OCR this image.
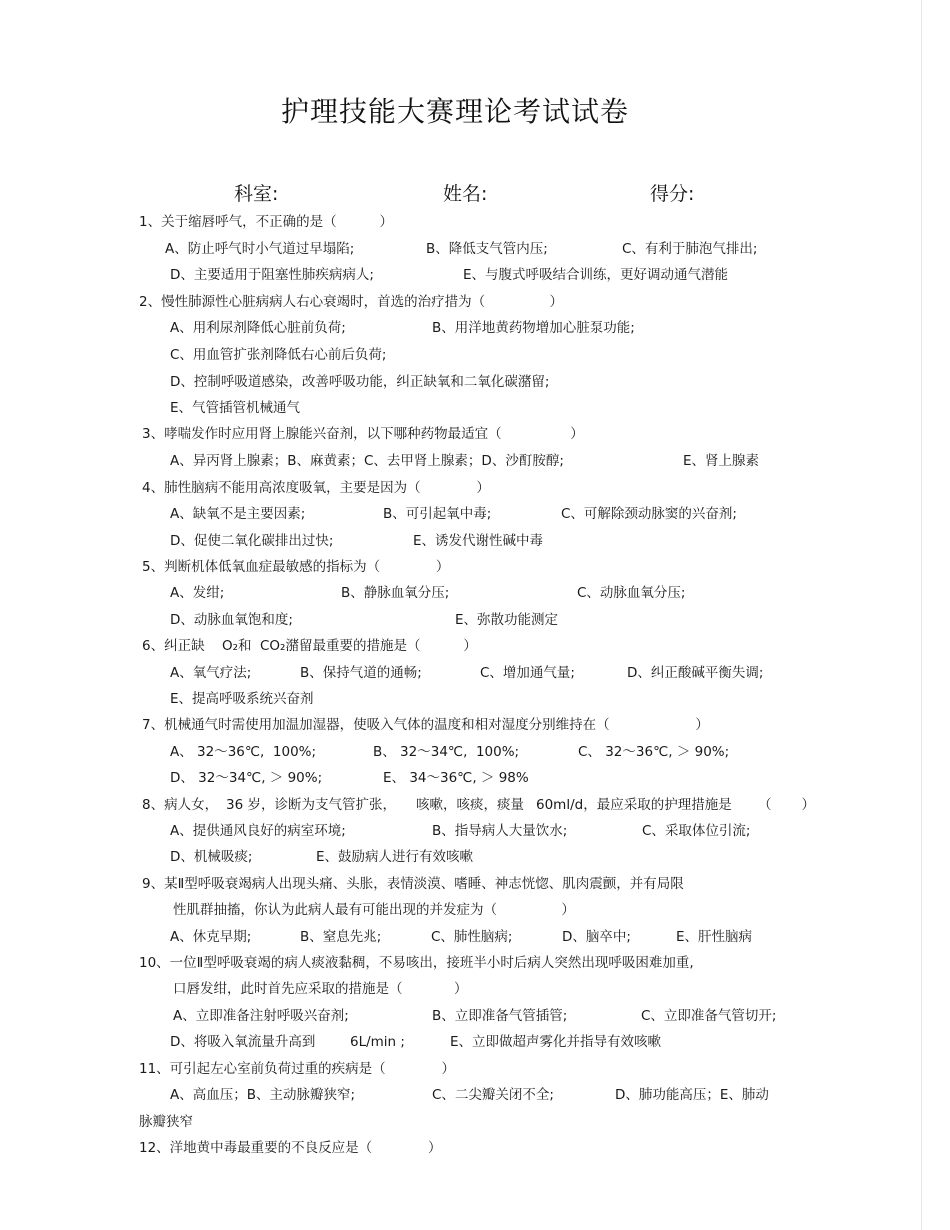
护理技能大赛理论考试试卷
科室:	姓名:	得分:
1、关于缩唇呼气，不正确的是（          ）

A、防止呼气时小气道过早塌陷;

	B、降低支气管内压;

	C、有利于肺泡气排出;

D、主要适用于阻塞性肺疾病病人;

	E、与腹式呼吸结合训练，更好调动通气潜能

2、慢性肺源性心脏病病人右心衰竭时，首选的治疗措为（               ）

A、用利尿剂降低心脏前负荷;

	B、用洋地黄药物增加心脏泵功能;

C、用血管扩张剂降低右心前后负荷;
D、控制呼吸道感染，改善呼吸功能，纠正缺氧和二氧化碳潴留;
E、气管插管机械通气
3、哮喘发作时应用肾上腺能兴奋剂，以下哪种药物最适宜（                ）

A、异丙肾上腺素；B、麻黄素；C、去甲肾上腺素；D、沙酊胺醇;

	E、肾上腺素

4、肺性脑病不能用高浓度吸氧，主要是因为（             ）

A、缺氧不是主要因素;

	B、可引起氧中毒;

	C、可解除颈动脉窦的兴奋剂;

D、促使二氧化碳排出过快;

	E、诱发代谢性碱中毒

5、判断机体低氧血症最敏感的指标为（             ）

A、发绀;

	B、静脉血氧分压;

	C、动脉血氧分压;

D、动脉血氧饱和度;

	E、弥散功能测定

6、纠正缺

O₂和

CO₂潴留最重要的措施是（          ）

A、氧气疗法;

	B、保持气道的通畅;

	C、增加通气量;

	D、纠正酸碱平衡失调;

E、提高呼吸系统兴奋剂
7、机械通气时需使用加温加湿器，使吸入气体的温度和相对湿度分别维持在（                    ）

A、 32～36℃,  100%;

	B、 32～34℃,  100%;

	C、 32～36℃, ＞ 90%;

D、 32～34℃, ＞ 90%;

	E、 34～36℃, ＞ 98%

8、病人女，

36 岁，诊断为支气管扩张，

咳嗽，咳痰，痰量

60ml/d，最应采取的护理措施是

（       ）

A、提供通风良好的病室环境;

	B、指导病人大量饮水;

	C、采取体位引流;

D、机械吸痰;

	E、鼓励病人进行有效咳嗽

9、某Ⅱ型呼吸衰竭病人出现头痛、头胀，表情淡漠、嗜睡、神志恍惚、肌肉震颤，并有局限
性肌群抽搐，你认为此病人最有可能出现的并发症为（               ）

A、休克早期;

	B、窒息先兆;

	C、肺性脑病;

	D、脑卒中;

	E、肝性脑病

10、一位Ⅱ型呼吸衰竭的病人痰液黏稠，不易咳出，接班半小时后病人突然出现呼吸困难加重,
口唇发绀，此时首先应采取的措施是（            ）

A、立即准备注射呼吸兴奋剂;

	B、立即准备气管插管;

	C、立即准备气管切开;

D、将吸入氧流量升高到

	6L/min ;

	E、立即做超声雾化并指导有效咳嗽

11、可引起左心室前负荷过重的疾病是（             ）

A、高血压；B、主动脉瓣狭窄;

	C、二尖瓣关闭不全;

	D、肺功能高压；E、肺动

脉瓣狭窄
12、洋地黄中毒最重要的不良反应是（             ）
